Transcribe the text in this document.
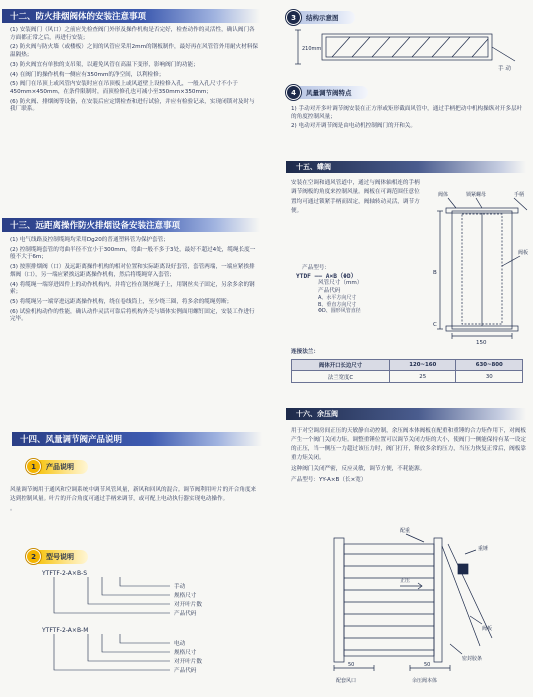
十二、防火排烟阀体的安装注意事项

(1) 安装阀门（风口）之前应先检查阀门外形及操作机构是否完好，检查动作的灵活性，确认阀门各方面都正常之后，再进行安装；

(2) 防火阀与防火墙（或楼板）之间的风管应采用2mm的钢板制作，最好再在风管管外用耐火材料保温隔热；

(3) 防火阀宜有单独的支吊架，以避免风管在高温下变形，影响阀门的功能；

(4) 在阀门的操作机构一侧应有350mm的净空间，以利检修；

(5) 阀门在吊顶上或风管内安装时应在吊顶板上或风道壁上设检修入孔，一般入孔尺寸不小于450mm×450mm，在条件限制时，而顶检修孔也可减小至350mm×350mm；

(6) 防火阀、排烟阀等设备，在安装后应定期检查和进行试验，并应有检验记录，实现闭锁对及时与我厂联系。

十三、远距离操作防火排烟设备安装注意事项

(1) 电气线路及控制缆绳均采用Dg20的普通塑料管为保护套管；

(2) 控制缆绳套管的弯曲半径不宜小于300mm，弯曲一般不多于3处，最好不超过4处，缆绳长度一般不大于6m；

(3) 按照排烟阀（口）及远距离操作机构的相对位置和实际距离设好套管，套管两端，一端应紧挨排烟阀（口），另一端应紧挨远距离操作机构，然后将缆绳穿入套管；

(4) 将缆绳一端穿进固件上的动作机构内，并将它拴在钢丝绳子上，用钢丝夹子固定，另余多余的钢索；

(5) 将缆绳另一端穿进远距离操作机构，绕在卷线筒上，至少绕三圈，将多余的缆绳剪断；

(6) 试验机构动作的性能，确认动作灵活可靠后将机构外壳与墙体实例面用螺钉固定，安装工作进行完毕。

十四、风量调节阀产品说明
1	产品说明

风量调节阀用于通风和空调系统中调节风管风量，新风和回风的混合。调节阀利用叶片的开合角度来达到控制风量。叶片的开合角度可通过手柄来调节，或可配上电动执行器实现电动操作。

。

2	型号说明
YTFTF-2-A×B-S
手动
规格尺寸
对开叶片数
产品代码
YTFTF-2-A×B-M
电动
规格尺寸
对开叶片数
产品代码
3	结构示意图
210mm
手 动
4	风量调节阀特点

1) 手动对开多叶调节阀安装在正方形或矩形截面风管中，通过手柄把动中机构操纵对开多层叶的角度控制风量；

2) 电动对开调节阀是由电动机控制阀门的开和关。

十五、蝶阀

安装在空调和通风管道中，通过与阀体轴相连的手柄调节阀板的角度来控制风量。阀板在可调范围任意位置均可通过锁紧手柄而固定，阀轴转动灵活，调节方便。

产品型号：
YTDF ―― A×B（ΦD）
风管尺寸（mm）
产品代码
A、水平方向尺寸
B、垂直方向尺寸
ΦD、圆形风管直径
阀体	锁紧螺母	手柄
阀板
B
C
150
连接法兰：
阀体开口长边尺寸	120~160	630~800
法兰宽度C	25	30
十六、余压阀

用于对空调房间正压的天敏静自动控制，余压阀本体阀板在配重和重锤的合力矩作用下，对阀板产生一个阀门关闭力矩。调整重锤位置可以调节关闭力矩的大小，使阀门一侧能保持有某一设定的正压，当一侧压一力超过该压力时，阀门打开，释放多余的压力，当压力恢复正常后，阀板靠重力矩关闭。

这种阀门关闭严密，反应灵敏，调节方便，不耗能源。

产品型号：YY-A×B（长×宽）

配重
重锤
正压
阀板
密封胶条
50	50
配套风口	余压阀本体
